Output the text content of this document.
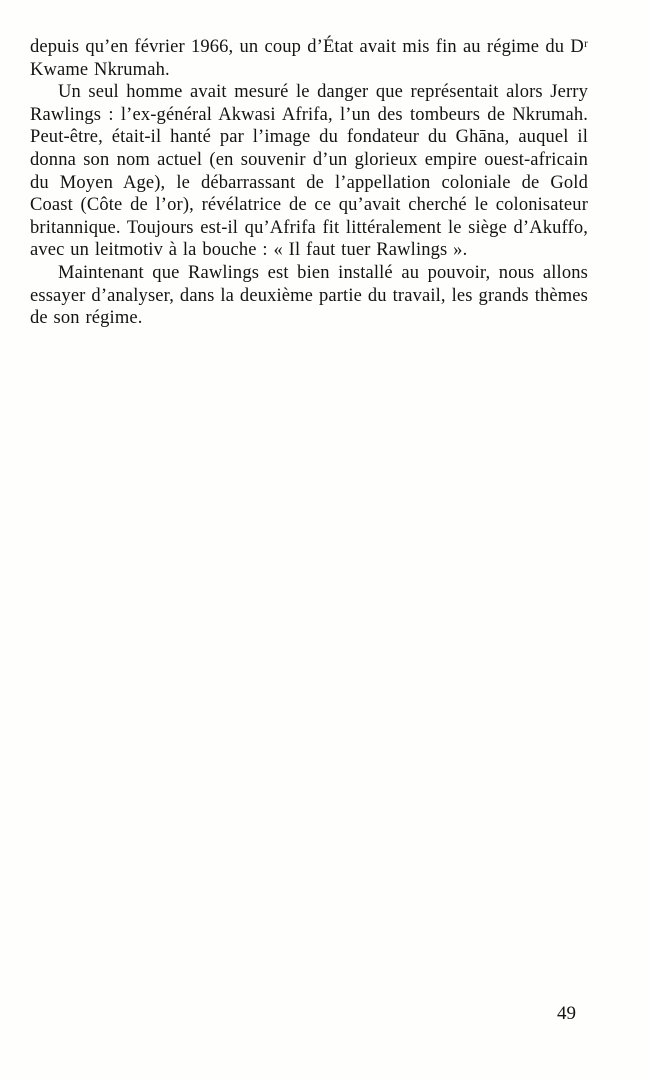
depuis qu’en février 1966, un coup d’État avait mis fin au régime du Dʳ Kwame Nkrumah.

Un seul homme avait mesuré le danger que représentait alors Jerry Rawlings : l’ex-général Akwasi Afrifa, l’un des tombeurs de Nkrumah. Peut-être, était-il hanté par l’image du fondateur du Ghāna, auquel il donna son nom actuel (en souvenir d’un glorieux empire ouest-africain du Moyen Age), le débarrassant de l’appellation coloniale de Gold Coast (Côte de l’or), révélatrice de ce qu’avait cherché le colonisateur britannique. Toujours est-il qu’Afrifa fit littéralement le siège d’Akuffo, avec un leitmotiv à la bouche : « Il faut tuer Rawlings ».

Maintenant que Rawlings est bien installé au pouvoir, nous allons essayer d’analyser, dans la deuxième partie du travail, les grands thèmes de son régime.

49
